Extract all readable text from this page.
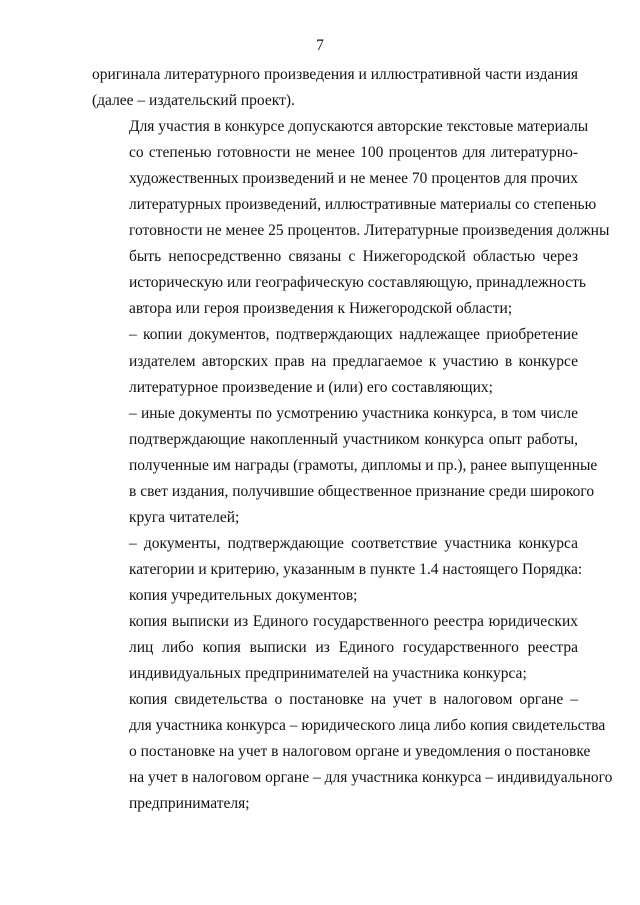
7

оригинала литературного произведения и иллюстративной части издания
(далее – издательский проект).

Для участия в конкурсе допускаются авторские текстовые материалы
со степенью готовности не менее 100 процентов для литературно-
художественных произведений и не менее 70 процентов для прочих
литературных произведений, иллюстративные материалы со степенью
готовности не менее 25 процентов. Литературные произведения должны
быть непосредственно связаны с Нижегородской областью через
историческую или географическую составляющую, принадлежность
автора или героя произведения к Нижегородской области;

– копии документов, подтверждающих надлежащее приобретение
издателем авторских прав на предлагаемое к участию в конкурсе
литературное произведение и (или) его составляющих;

– иные документы по усмотрению участника конкурса, в том числе
подтверждающие накопленный участником конкурса опыт работы,
полученные им награды (грамоты, дипломы и пр.), ранее выпущенные
в свет издания, получившие общественное признание среди широкого
круга читателей;

– документы, подтверждающие соответствие участника конкурса
категории и критерию, указанным в пункте 1.4 настоящего Порядка:

копия учредительных документов;

копия выписки из Единого государственного реестра юридических
лиц либо копия выписки из Единого государственного реестра
индивидуальных предпринимателей на участника конкурса;

копия свидетельства о постановке на учет в налоговом органе –
для участника конкурса – юридического лица либо копия свидетельства
о постановке на учет в налоговом органе и уведомления о постановке
на учет в налоговом органе – для участника конкурса – индивидуального
предпринимателя;
